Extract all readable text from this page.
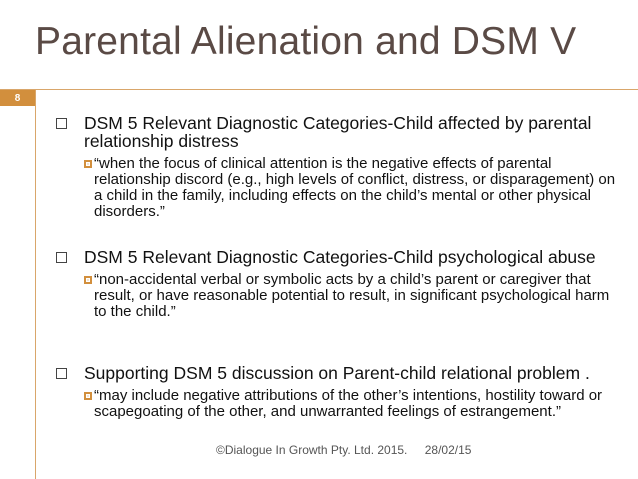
Parental Alienation and DSM V
8
DSM 5 Relevant Diagnostic Categories-Child affected by parental relationship distress
“when the focus of clinical attention is the negative effects of parental relationship discord (e.g., high levels of conflict, distress, or disparagement) on a child in the family, including effects on the child’s mental or other physical disorders.”
DSM 5 Relevant Diagnostic Categories-Child psychological abuse
“non-accidental verbal or symbolic acts by a child’s parent or caregiver that result, or have reasonable potential to result, in significant psychological harm to the child.”
Supporting DSM 5 discussion on Parent-child relational problem .
“may include negative attributions of the other’s intentions, hostility toward or scapegoating of the other, and unwarranted feelings of estrangement.”
©Dialogue In Growth Pty. Ltd. 2015. 28/02/15
